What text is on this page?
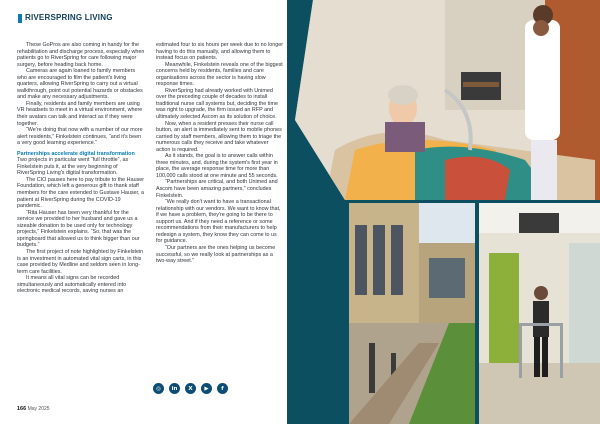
RIVERSPRING LIVING

These GoPros are also coming in handy for the rehabilitation and discharge process, especially when patients go to RiverSpring for care following major surgery, before heading back home.

Cameras are again loaned to family members who are encouraged to film the patient's living quarters, allowing RiverSpring to carry out a virtual walkthrough, point out potential hazards or obstacles and make any necessary adjustments.

Finally, residents and family members are using VR headsets to meet in a virtual environment, where their avatars can talk and interact as if they were together.

“We're doing that now with a number of our more alert residents,” Finkelstein continues, “and it's been a very good learning experience.”

Partnerships accelerate digital transformation

Two projects in particular went “full throttle”, as Finkelstein puts it, at the very beginning of RiverSpring Living's digital transformation.

The CIO pauses here to pay tribute to the Hauser Foundation, which left a generous gift to thank staff members for the care extended to Gustave Hauser, a patient at RiverSpring during the COVID-19 pandemic.

“Rita Hauser has been very thankful for the service we provided to her husband and gave us a sizeable donation to be used only for technology projects,” Finkelstein explains. “So, that was the springboard that allowed us to think bigger than our budgets.”

The first project of note highlighted by Finkelstein is an investment in automated vital sign carts, in this case provided by Medline and seldom seen in long-term care facilities.

It means all vital signs can be recorded simultaneously and automatically entered into electronic medical records, saving nurses an

estimated four to six hours per week due to no longer having to do this manually, and allowing them to instead focus on patients.

Meanwhile, Finkelstein reveals one of the biggest concerns held by residents, families and care organisations across the sector is having slow response times.

RiverSpring had already worked with Unimed over the preceding couple of decades to install traditional nurse call systems but, deciding the time was right to upgrade, the firm issued an RFP and ultimately selected Ascom as its solution of choice.

Now, when a resident presses their nurse call button, an alert is immediately sent to mobile phones carried by staff members, allowing them to triage the numerous calls they receive and take whatever action is required.

As it stands, the goal is to answer calls within three minutes, and, during the system's first year in place, the average response time for more than 100,000 calls stood at one minute and 55 seconds.

“Partnerships are critical, and both Unimed and Ascom have been amazing partners,” concludes Finkelstein.

“We really don't want to have a transactional relationship with our vendors. We want to know that, if we have a problem, they're going to be there to support us. And if they need a reference or some recommendations from their manufacturers to help redesign a system, they know they can come to us for guidance.

“Our partners are the ones helping us become successful, so we really look at partnerships as a two-way street.”

◎	in	X	▶	f
166 May 2025
